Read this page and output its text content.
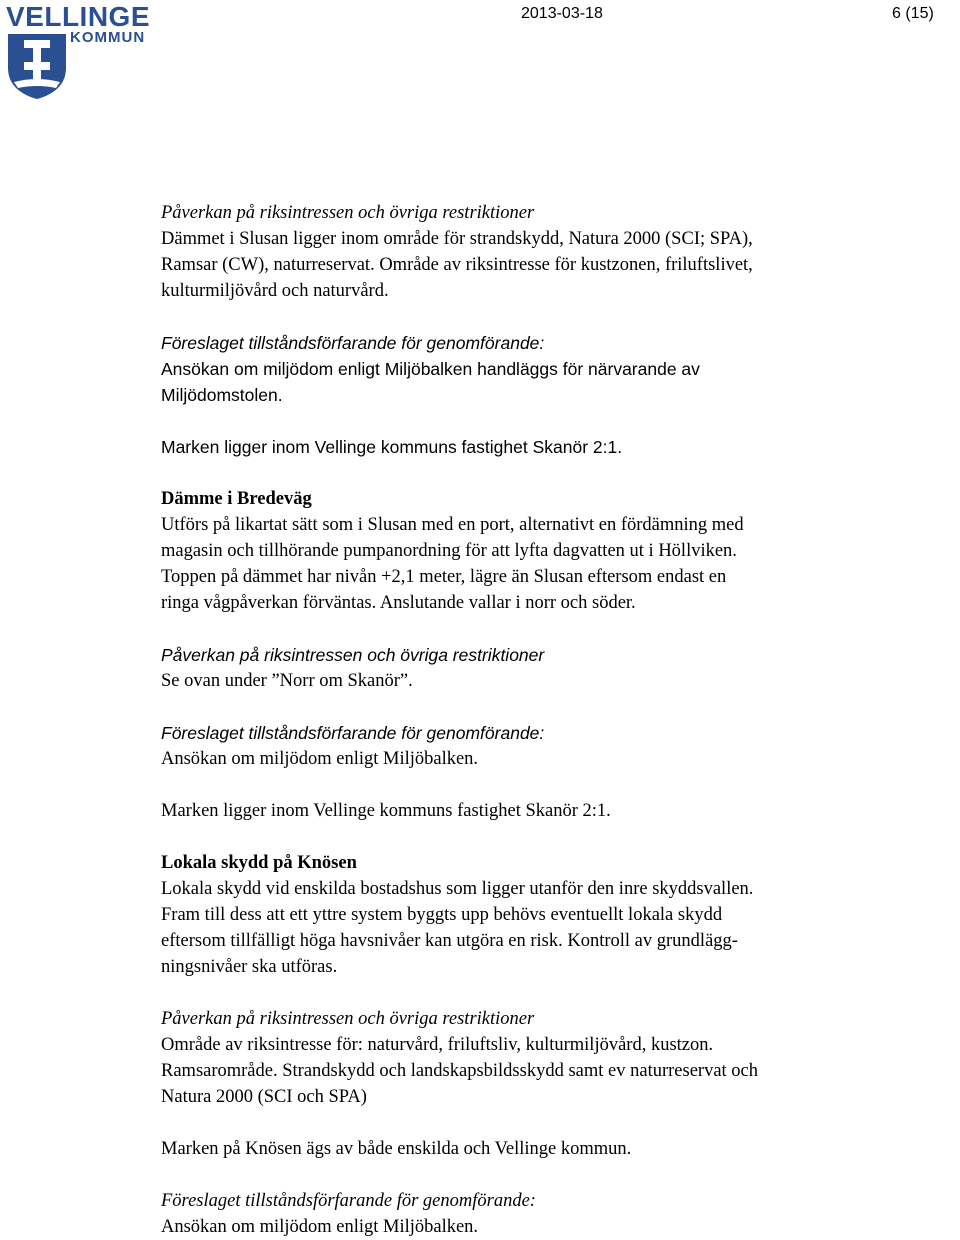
VELLINGE
KOMMUN
2013-03-18	6 (15)

Påverkan på riksintressen och övriga restriktioner

Dämmet i Slusan ligger inom område för strandskydd, Natura 2000 (SCI; SPA),

Ramsar (CW), naturreservat. Område av riksintresse för kustzonen, friluftslivet,

kulturmiljövård och naturvård.

Föreslaget tillståndsförfarande för genomförande:

Ansökan om miljödom enligt Miljöbalken handläggs för närvarande av

Miljödomstolen.

Marken ligger inom Vellinge kommuns fastighet Skanör 2:1.

Dämme i Bredeväg

Utförs på likartat sätt som i Slusan med en port, alternativt en fördämning med

magasin och tillhörande pumpanordning för att lyfta dagvatten ut i Höllviken.

Toppen på dämmet har nivån +2,1 meter, lägre än Slusan eftersom endast en

ringa vågpåverkan förväntas. Anslutande vallar i norr och söder.

Påverkan på riksintressen och övriga restriktioner

Se ovan under ”Norr om Skanör”.

Föreslaget tillståndsförfarande för genomförande:

Ansökan om miljödom enligt Miljöbalken.

Marken ligger inom Vellinge kommuns fastighet Skanör 2:1.

Lokala skydd på Knösen

Lokala skydd vid enskilda bostadshus som ligger utanför den inre skyddsvallen.

Fram till dess att ett yttre system byggts upp behövs eventuellt lokala skydd

eftersom tillfälligt höga havsnivåer kan utgöra en risk. Kontroll av grundlägg-

ningsnivåer ska utföras.

Påverkan på riksintressen och övriga restriktioner

Område av riksintresse för: naturvård, friluftsliv, kulturmiljövård, kustzon.

Ramsarområde. Strandskydd och landskapsbildsskydd samt ev naturreservat och

Natura 2000 (SCI och SPA)

Marken på Knösen ägs av både enskilda och Vellinge kommun.

Föreslaget tillståndsförfarande för genomförande:

Ansökan om miljödom enligt Miljöbalken.
